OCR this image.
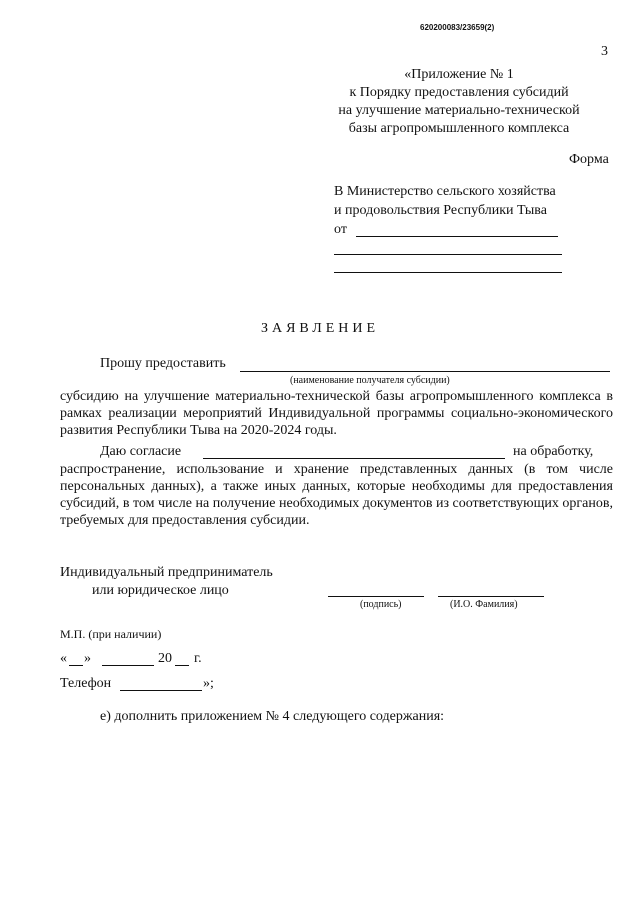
620200083/23659(2)
3
«Приложение № 1
к Порядку предоставления субсидий
на улучшение материально-технической
базы агропромышленного комплекса
Форма
В Министерство сельского хозяйства
и продовольствия Республики Тыва
от
ЗАЯВЛЕНИЕ
Прошу предоставить
(наименование получателя субсидии)
субсидию на улучшение материально-технической базы агропромышленного комплекса в рамках реализации мероприятий Индивидуальной программы социально-экономического развития Республики Тыва на 2020-2024 годы.
Даю согласие	на обработку,
распространение, использование и хранение представленных данных (в том числе персональных данных), а также иных данных, которые необходимы для предоставления субсидий, в том числе на получение необходимых документов из соответствующих органов, требуемых для предоставления субсидии.
Индивидуальный предприниматель
или юридическое лицо
(подпись)	(И.О. Фамилия)
М.П. (при наличии)
« »	20 г.
Телефон	»;
е) дополнить приложением № 4 следующего содержания:
